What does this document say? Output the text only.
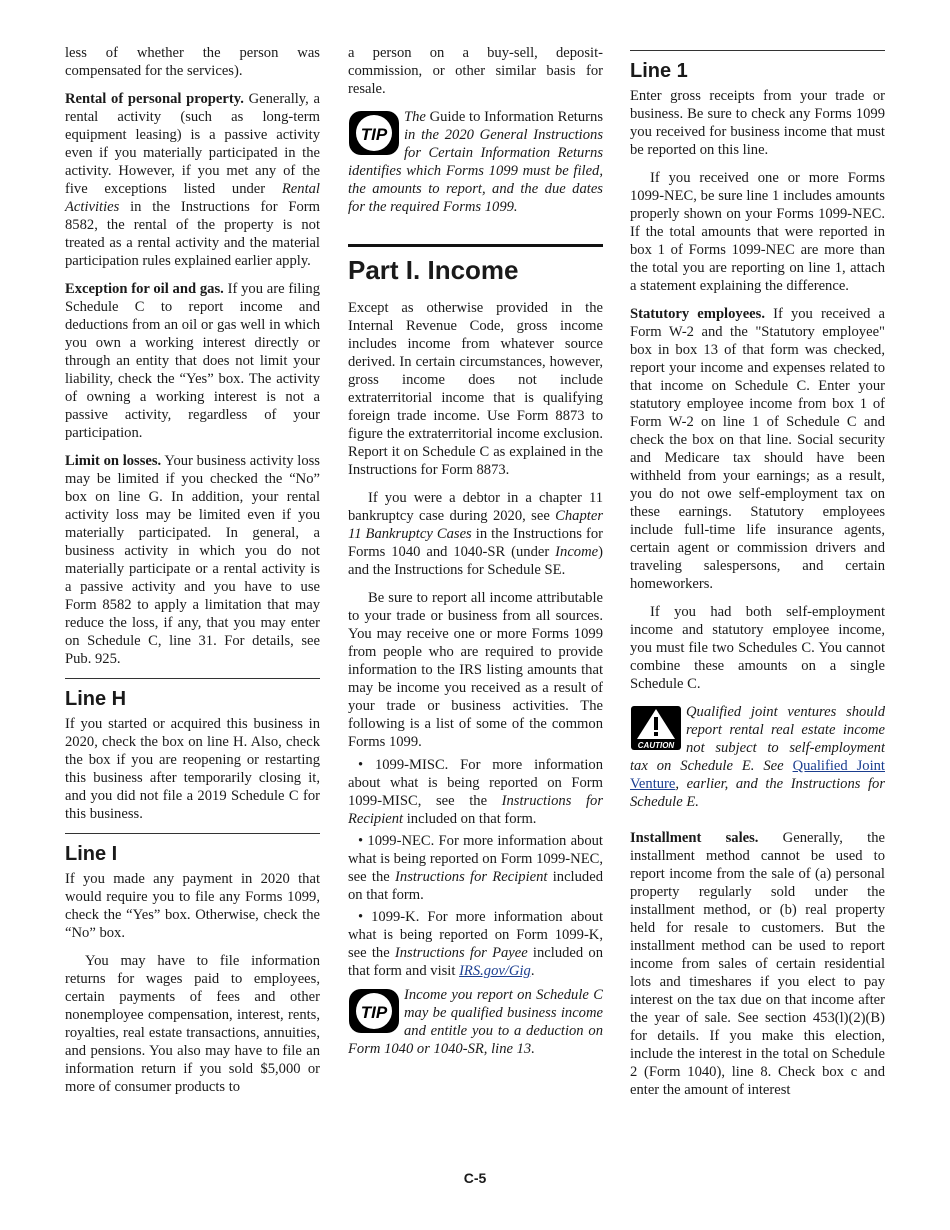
less of whether the person was compensated for the services).

Rental of personal property. Generally, a rental activity (such as long-term equipment leasing) is a passive activity even if you materially participated in the activity. However, if you met any of the five exceptions listed under Rental Activities in the Instructions for Form 8582, the rental of the property is not treated as a rental activity and the material participation rules explained earlier apply.

Exception for oil and gas. If you are filing Schedule C to report income and deductions from an oil or gas well in which you own a working interest directly or through an entity that does not limit your liability, check the “Yes” box. The activity of owning a working interest is not a passive activity, regardless of your participation.

Limit on losses. Your business activity loss may be limited if you checked the “No” box on line G. In addition, your rental activity loss may be limited even if you materially participated. In general, a business activity in which you do not materially participate or a rental activity is a passive activity and you have to use Form 8582 to apply a limitation that may reduce the loss, if any, that you may enter on Schedule C, line 31. For details, see Pub. 925.

Line H

If you started or acquired this business in 2020, check the box on line H. Also, check the box if you are reopening or restarting this business after temporarily closing it, and you did not file a 2019 Schedule C for this business.

Line I

If you made any payment in 2020 that would require you to file any Forms 1099, check the “Yes” box. Otherwise, check the “No” box.

You may have to file information returns for wages paid to employees, certain payments of fees and other nonemployee compensation, interest, rents, royalties, real estate transactions, annuities, and pensions. You also may have to file an information return if you sold $5,000 or more of consumer products to

a person on a buy-sell, deposit-commission, or other similar basis for resale.

TIP
The Guide to Information Returns in the 2020 General Instructions for Certain Information Returns identifies which Forms 1099 must be filed, the amounts to report, and the due dates for the required Forms 1099.
Part I. Income

Except as otherwise provided in the Internal Revenue Code, gross income includes income from whatever source derived. In certain circumstances, however, gross income does not include extraterritorial income that is qualifying foreign trade income. Use Form 8873 to figure the extraterritorial income exclusion. Report it on Schedule C as explained in the Instructions for Form 8873.

If you were a debtor in a chapter 11 bankruptcy case during 2020, see Chapter 11 Bankruptcy Cases in the Instructions for Forms 1040 and 1040-SR (under Income) and the Instructions for Schedule SE.

Be sure to report all income attributable to your trade or business from all sources. You may receive one or more Forms 1099 from people who are required to provide information to the IRS listing amounts that may be income you received as a result of your trade or business activities. The following is a list of some of the common Forms 1099.

• 1099-MISC. For more information about what is being reported on Form 1099-MISC, see the Instructions for Recipient included on that form.

• 1099-NEC. For more information about what is being reported on Form 1099-NEC, see the Instructions for Recipient included on that form.

• 1099-K. For more information about what is being reported on Form 1099-K, see the Instructions for Payee included on that form and visit IRS.gov/Gig.

TIP
Income you report on Schedule C may be qualified business income and entitle you to a deduction on Form 1040 or 1040-SR, line 13.
Line 1

Enter gross receipts from your trade or business. Be sure to check any Forms 1099 you received for business income that must be reported on this line.

If you received one or more Forms 1099-NEC, be sure line 1 includes amounts properly shown on your Forms 1099-NEC. If the total amounts that were reported in box 1 of Forms 1099-NEC are more than the total you are reporting on line 1, attach a statement explaining the difference.

Statutory employees. If you received a Form W-2 and the "Statutory employee" box in box 13 of that form was checked, report your income and expenses related to that income on Schedule C. Enter your statutory employee income from box 1 of Form W-2 on line 1 of Schedule C and check the box on that line. Social security and Medicare tax should have been withheld from your earnings; as a result, you do not owe self-employment tax on these earnings. Statutory employees include full-time life insurance agents, certain agent or commission drivers and traveling salespersons, and certain homeworkers.

If you had both self-employment income and statutory employee income, you must file two Schedules C. You cannot combine these amounts on a single Schedule C.

CAUTION
Qualified joint ventures should report rental real estate income not subject to self-employment tax on Schedule E. See Qualified Joint Venture, earlier, and the Instructions for Schedule E.

Installment sales. Generally, the installment method cannot be used to report income from the sale of (a) personal property regularly sold under the installment method, or (b) real property held for resale to customers. But the installment method can be used to report income from sales of certain residential lots and timeshares if you elect to pay interest on the tax due on that income after the year of sale. See section 453(l)(2)(B) for details. If you make this election, include the interest in the total on Schedule 2 (Form 1040), line 8. Check box c and enter the amount of interest

C-5
